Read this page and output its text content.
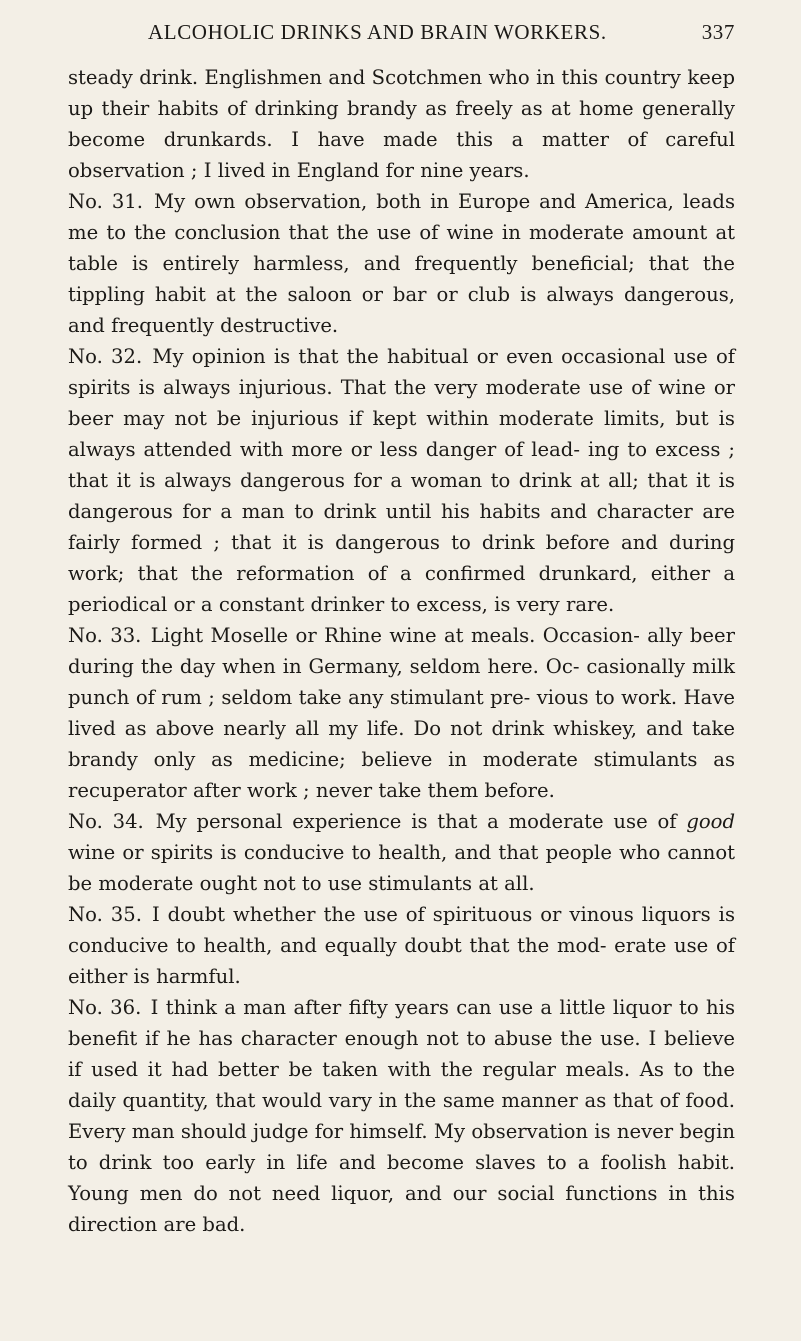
ALCOHOLIC DRINKS AND BRAIN WORKERS.	337

steady drink. Englishmen and Scotchmen who in this country keep up their habits of drinking brandy as freely as at home generally become drunkards. I have made this a matter of careful observation ; I lived in England for nine years.

No. 31. My own observation, both in Europe and America, leads me to the conclusion that the use of wine in moderate amount at table is entirely harmless, and frequently beneficial; that the tippling habit at the saloon or bar or club is always dangerous, and frequently destructive.

No. 32. My opinion is that the habitual or even occasional use of spirits is always injurious. That the very moderate use of wine or beer may not be injurious if kept within moderate limits, but is always attended with more or less danger of lead- ing to excess ; that it is always dangerous for a woman to drink at all; that it is dangerous for a man to drink until his habits and character are fairly formed ; that it is dangerous to drink before and during work; that the reformation of a confirmed drunkard, either a periodical or a constant drinker to excess, is very rare.

No. 33. Light Moselle or Rhine wine at meals. Occasion- ally beer during the day when in Germany, seldom here. Oc- casionally milk punch of rum ; seldom take any stimulant pre- vious to work. Have lived as above nearly all my life. Do not drink whiskey, and take brandy only as medicine; believe in moderate stimulants as recuperator after work ; never take them before.

No. 34. My personal experience is that a moderate use of good wine or spirits is conducive to health, and that people who cannot be moderate ought not to use stimulants at all.

No. 35. I doubt whether the use of spirituous or vinous liquors is conducive to health, and equally doubt that the mod- erate use of either is harmful.

No. 36. I think a man after fifty years can use a little liquor to his benefit if he has character enough not to abuse the use. I believe if used it had better be taken with the regular meals. As to the daily quantity, that would vary in the same manner as that of food. Every man should judge for himself. My observation is never begin to drink too early in life and become slaves to a foolish habit. Young men do not need liquor, and our social functions in this direction are bad.
